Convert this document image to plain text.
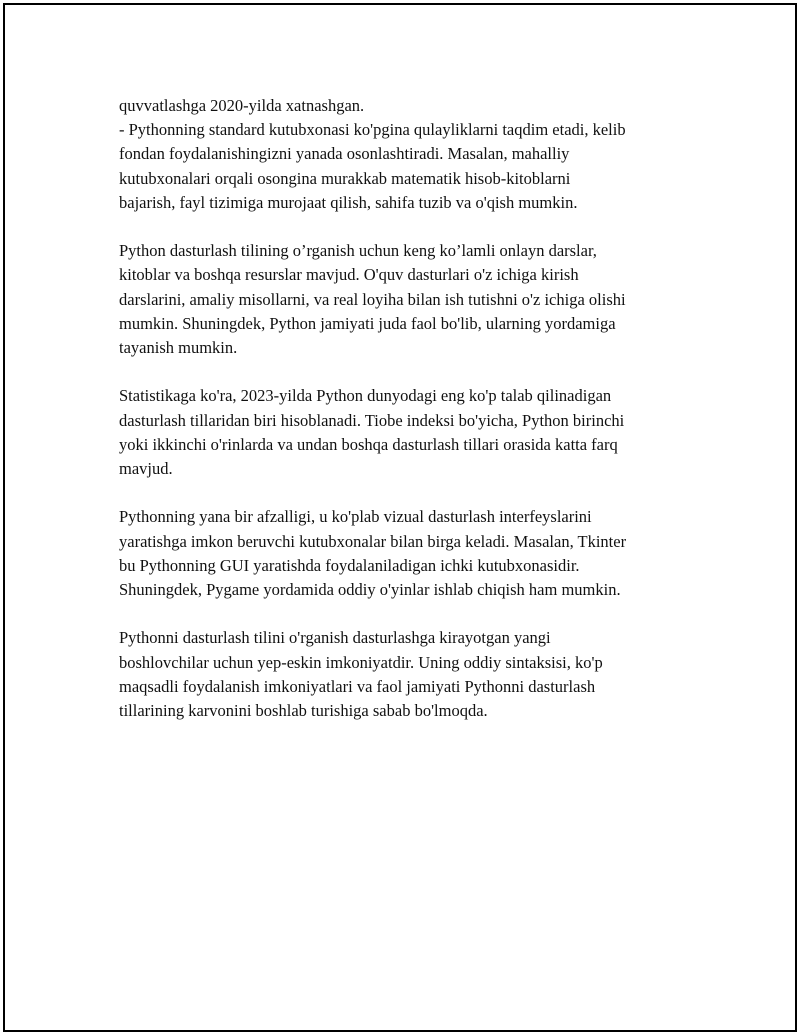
quvvatlashga 2020-yilda xatnashgan.
- Pythonning standard kutubxonasi ko'pgina qulayliklarni taqdim etadi, kelib
fondan foydalanishingizni yanada osonlashtiradi. Masalan, mahalliy
kutubxonalari orqali osongina murakkab matematik hisob-kitoblarni
bajarish, fayl tizimiga murojaat qilish, sahifa tuzib va o'qish mumkin.

Python dasturlash tilining o’rganish uchun keng ko’lamli onlayn darslar,
kitoblar va boshqa resurslar mavjud. O'quv dasturlari o'z ichiga kirish
darslarini, amaliy misollarni, va real loyiha bilan ish tutishni o'z ichiga olishi
mumkin. Shuningdek, Python jamiyati juda faol bo'lib, ularning yordamiga
tayanish mumkin.

Statistikaga ko'ra, 2023-yilda Python dunyodagi eng ko'p talab qilinadigan
dasturlash tillaridan biri hisoblanadi. Tiobe indeksi bo'yicha, Python birinchi
yoki ikkinchi o'rinlarda va undan boshqa dasturlash tillari orasida katta farq
mavjud.

Pythonning yana bir afzalligi, u ko'plab vizual dasturlash interfeyslarini
yaratishga imkon beruvchi kutubxonalar bilan birga keladi. Masalan, Tkinter
bu Pythonning GUI yaratishda foydalaniladigan ichki kutubxonasidir.
Shuningdek, Pygame yordamida oddiy o'yinlar ishlab chiqish ham mumkin.

Pythonni dasturlash tilini o'rganish dasturlashga kirayotgan yangi
boshlovchilar uchun yep-eskin imkoniyatdir. Uning oddiy sintaksisi, ko'p
maqsadli foydalanish imkoniyatlari va faol jamiyati Pythonni dasturlash
tillarining karvonini boshlab turishiga sabab bo'lmoqda.
